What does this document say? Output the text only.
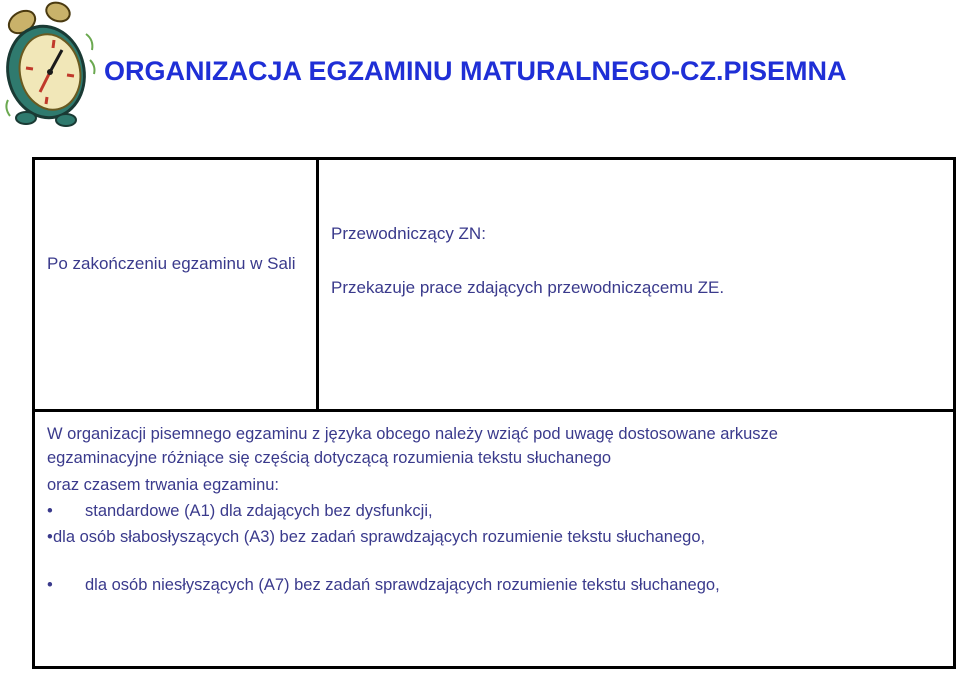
ORGANIZACJA EGZAMINU MATURALNEGO-CZ.PISEMNA
Po zakończeniu egzaminu w Sali
Przewodniczący ZN:
Przekazuje prace zdających przewodniczącemu ZE.
W organizacji pisemnego egzaminu z języka obcego należy wziąć pod uwagę dostosowane arkusze
egzaminacyjne różniące się częścią dotyczącą rozumienia tekstu słuchanego
oraz czasem trwania egzaminu:
• standardowe (A1) dla zdających bez dysfunkcji,
• dla osób słabosłyszących (A3) bez zadań sprawdzających rozumienie tekstu słuchanego,
• dla osób niesłyszących (A7) bez zadań sprawdzających rozumienie tekstu słuchanego,
